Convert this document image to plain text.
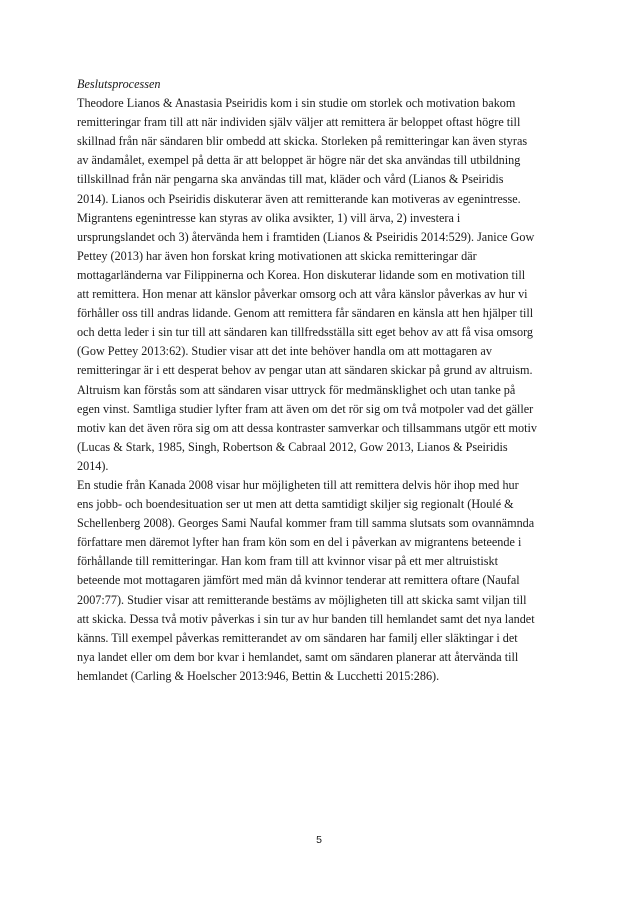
Beslutsprocessen

Theodore Lianos & Anastasia Pseiridis kom i sin studie om storlek och motivation bakom

remitteringar fram till att när individen själv väljer att remittera är beloppet oftast högre till

skillnad från när sändaren blir ombedd att skicka. Storleken på remitteringar kan även styras

av ändamålet, exempel på detta är att beloppet är högre när det ska användas till utbildning

tillskillnad från när pengarna ska användas till mat, kläder och vård (Lianos & Pseiridis

2014). Lianos och Pseiridis diskuterar även att remitterande kan motiveras av egenintresse.

Migrantens egenintresse kan styras av olika avsikter, 1) vill ärva, 2) investera i

ursprungslandet och 3) återvända hem i framtiden (Lianos & Pseiridis 2014:529). Janice Gow

Pettey (2013) har även hon forskat kring motivationen att skicka remitteringar där

mottagarländerna var Filippinerna och Korea. Hon diskuterar lidande som en motivation till

att remittera. Hon menar att känslor påverkar omsorg och att våra känslor påverkas av hur vi

förhåller oss till andras lidande. Genom att remittera får sändaren en känsla att hen hjälper till

och detta leder i sin tur till att sändaren kan tillfredsställa sitt eget behov av att få visa omsorg

(Gow Pettey 2013:62). Studier visar att det inte behöver handla om att mottagaren av

remitteringar är i ett desperat behov av pengar utan att sändaren skickar på grund av altruism.

Altruism kan förstås som att sändaren visar uttryck för medmänsklighet och utan tanke på

egen vinst. Samtliga studier lyfter fram att även om det rör sig om två motpoler vad det gäller

motiv kan det även röra sig om att dessa kontraster samverkar och tillsammans utgör ett motiv

(Lucas & Stark, 1985, Singh, Robertson & Cabraal 2012, Gow 2013, Lianos & Pseiridis

2014).

En studie från Kanada 2008 visar hur möjligheten till att remittera delvis hör ihop med hur

ens jobb- och boendesituation ser ut men att detta samtidigt skiljer sig regionalt (Houlé &

Schellenberg 2008). Georges Sami Naufal kommer fram till samma slutsats som ovannämnda

författare men däremot lyfter han fram kön som en del i påverkan av migrantens beteende i

förhållande till remitteringar. Han kom fram till att kvinnor visar på ett mer altruistiskt

beteende mot mottagaren jämfört med män då kvinnor tenderar att remittera oftare (Naufal

2007:77). Studier visar att remitterande bestäms av möjligheten till att skicka samt viljan till

att skicka. Dessa två motiv påverkas i sin tur av hur banden till hemlandet samt det nya landet

känns. Till exempel påverkas remitterandet av om sändaren har familj eller släktingar i det

nya landet eller om dem bor kvar i hemlandet, samt om sändaren planerar att återvända till

hemlandet (Carling & Hoelscher 2013:946, Bettin & Lucchetti 2015:286).

5
